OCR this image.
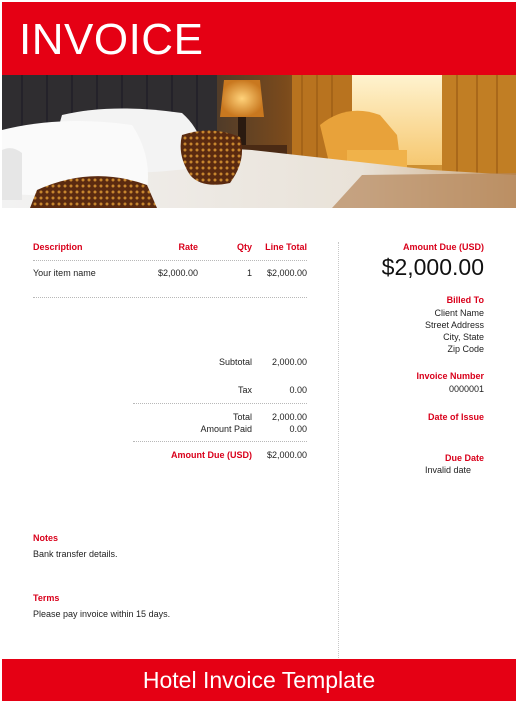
INVOICE
Description	Rate	Qty	Line Total
Your item name	$2,000.00	1	$2,000.00
Subtotal	2,000.00
Tax	0.00
Total	2,000.00
Amount Paid	0.00
Amount Due (USD)	$2,000.00
Notes
Bank transfer details.
Terms
Please pay invoice within 15 days.
Amount Due (USD)
$2,000.00
Billed To
Client Name
Street Address
City, State
Zip Code
Invoice Number
0000001
Date of Issue
Due Date
Invalid date
Hotel Invoice Template
